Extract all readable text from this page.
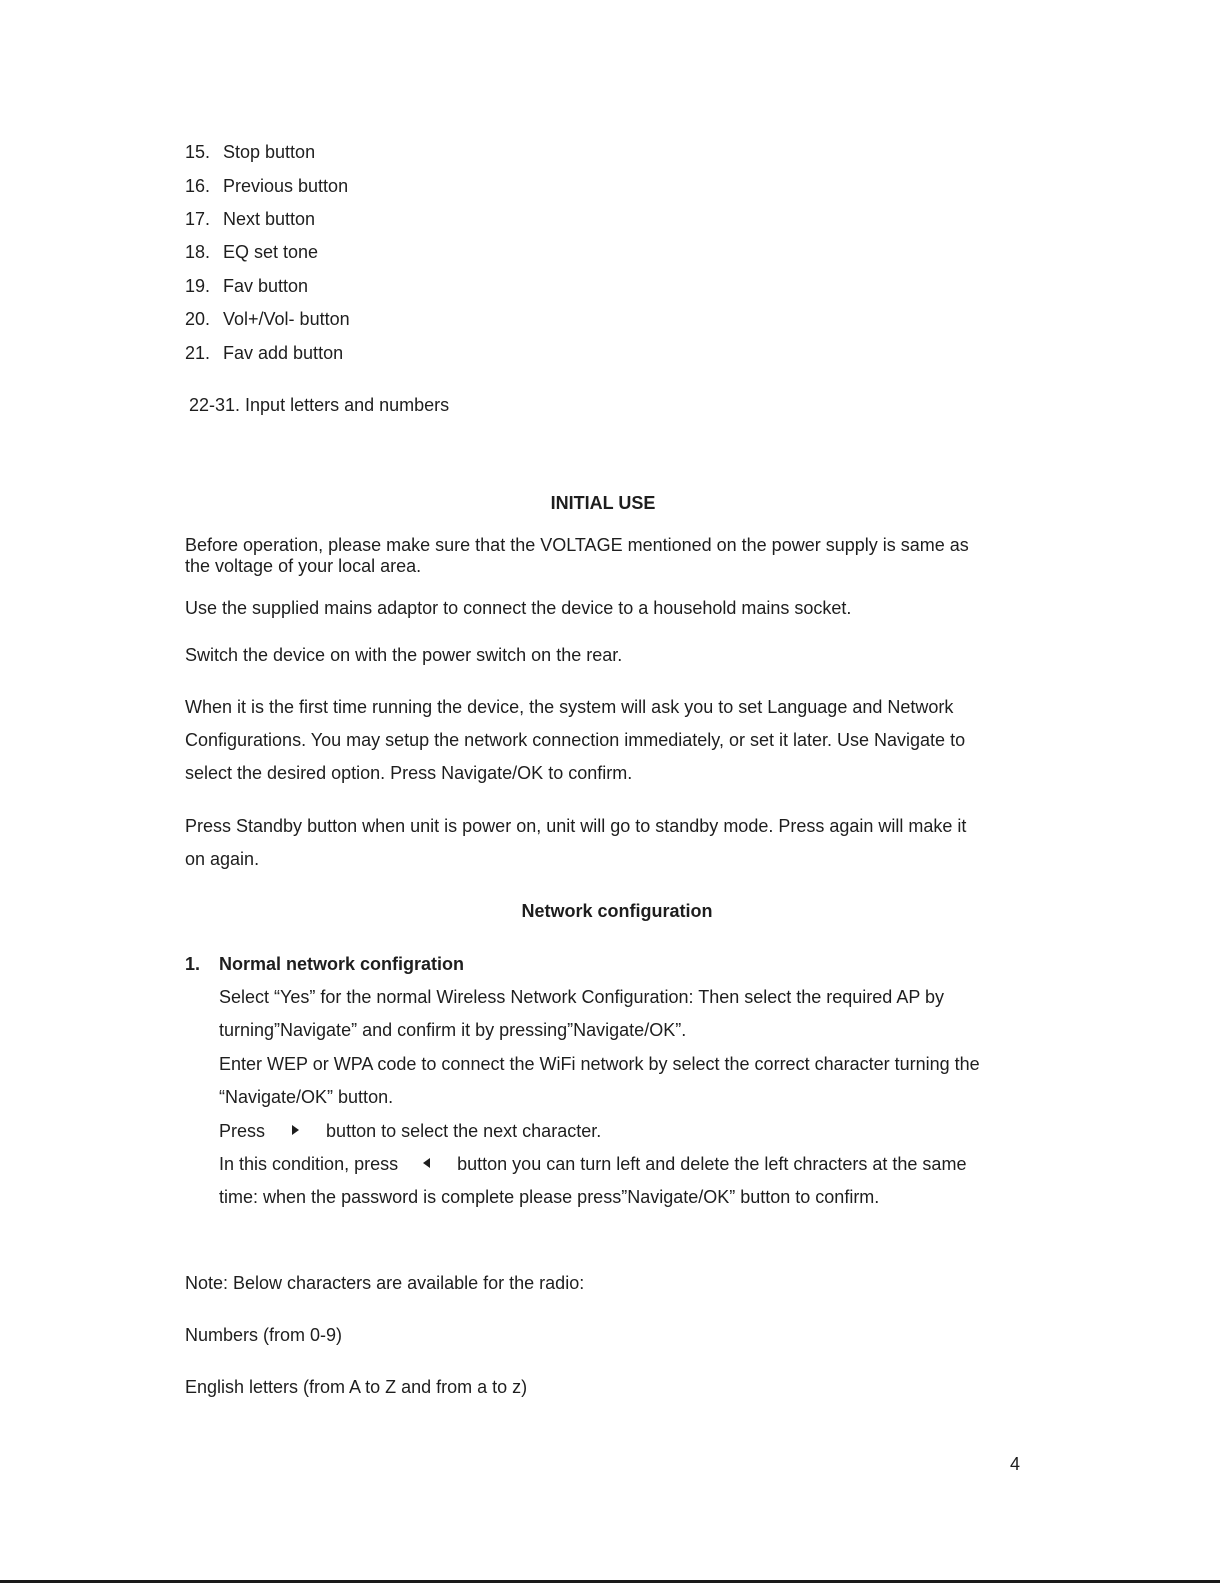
15. Stop button
16. Previous button
17. Next button
18. EQ set tone
19. Fav button
20. Vol+/Vol- button
21. Fav add button
22-31. Input letters and numbers
INITIAL USE
Before operation, please make sure that the VOLTAGE mentioned on the power supply is same as
the voltage of your local area.
Use the supplied mains adaptor to connect the device to a household mains socket.
Switch the device on with the power switch on the rear.
When it is the first time running the device, the system will ask you to set Language and Network
Configurations. You may setup the network connection immediately, or set it later. Use Navigate to
select the desired option. Press Navigate/OK to confirm.
Press Standby button when unit is power on, unit will go to standby mode. Press again will make it
on again.
Network configuration
1. Normal network configration
Select “Yes” for the normal Wireless Network Configuration: Then select the required AP by
turning”Navigate” and confirm it by pressing”Navigate/OK”.
Enter WEP or WPA code to connect the WiFi network by select the correct character turning the
“Navigate/OK” button.
Press	button to select the next character.
In this condition, press	button you can turn left and delete the left chracters at the same
time: when the password is complete please press”Navigate/OK” button to confirm.
Note: Below characters are available for the radio:
Numbers (from 0-9)
English letters (from A to Z and from a to z)
4
